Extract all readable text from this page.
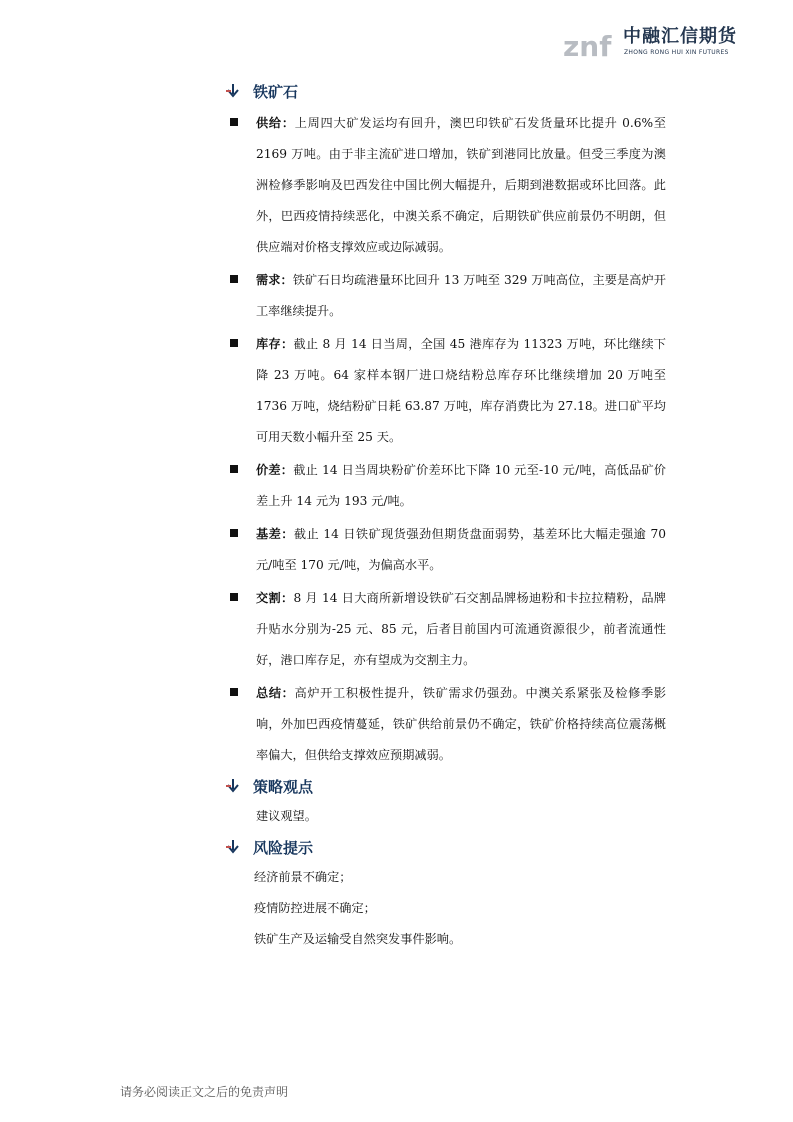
znf 中融汇信期货
ZHONG RONG HUI XIN FUTURES
铁矿石

供给：上周四大矿发运均有回升，澳巴印铁矿石发货量环比提升 0.6%至 2169 万吨。由于非主流矿进口增加，铁矿到港同比放量。但受三季度为澳洲检修季影响及巴西发往中国比例大幅提升，后期到港数据或环比回落。此外，巴西疫情持续恶化，中澳关系不确定，后期铁矿供应前景仍不明朗，但供应端对价格支撑效应或边际减弱。

需求：铁矿石日均疏港量环比回升 13 万吨至 329 万吨高位，主要是高炉开工率继续提升。

库存：截止 8 月 14 日当周，全国 45 港库存为 11323 万吨，环比继续下降 23 万吨。64 家样本钢厂进口烧结粉总库存环比继续增加 20 万吨至 1736 万吨，烧结粉矿日耗 63.87 万吨，库存消费比为 27.18。进口矿平均可用天数小幅升至 25 天。

价差：截止 14 日当周块粉矿价差环比下降 10 元至-10 元/吨，高低品矿价差上升 14 元为 193 元/吨。

基差：截止 14 日铁矿现货强劲但期货盘面弱势，基差环比大幅走强逾 70 元/吨至 170 元/吨，为偏高水平。

交割：8 月 14 日大商所新增设铁矿石交割品牌杨迪粉和卡拉拉精粉，品牌升贴水分别为-25 元、85 元，后者目前国内可流通资源很少，前者流通性好，港口库存足，亦有望成为交割主力。

总结：高炉开工积极性提升，铁矿需求仍强劲。中澳关系紧张及检修季影响，外加巴西疫情蔓延，铁矿供给前景仍不确定，铁矿价格持续高位震荡概率偏大，但供给支撑效应预期减弱。

策略观点

建议观望。

风险提示

经济前景不确定；

疫情防控进展不确定；

铁矿生产及运输受自然突发事件影响。

请务必阅读正文之后的免责声明
